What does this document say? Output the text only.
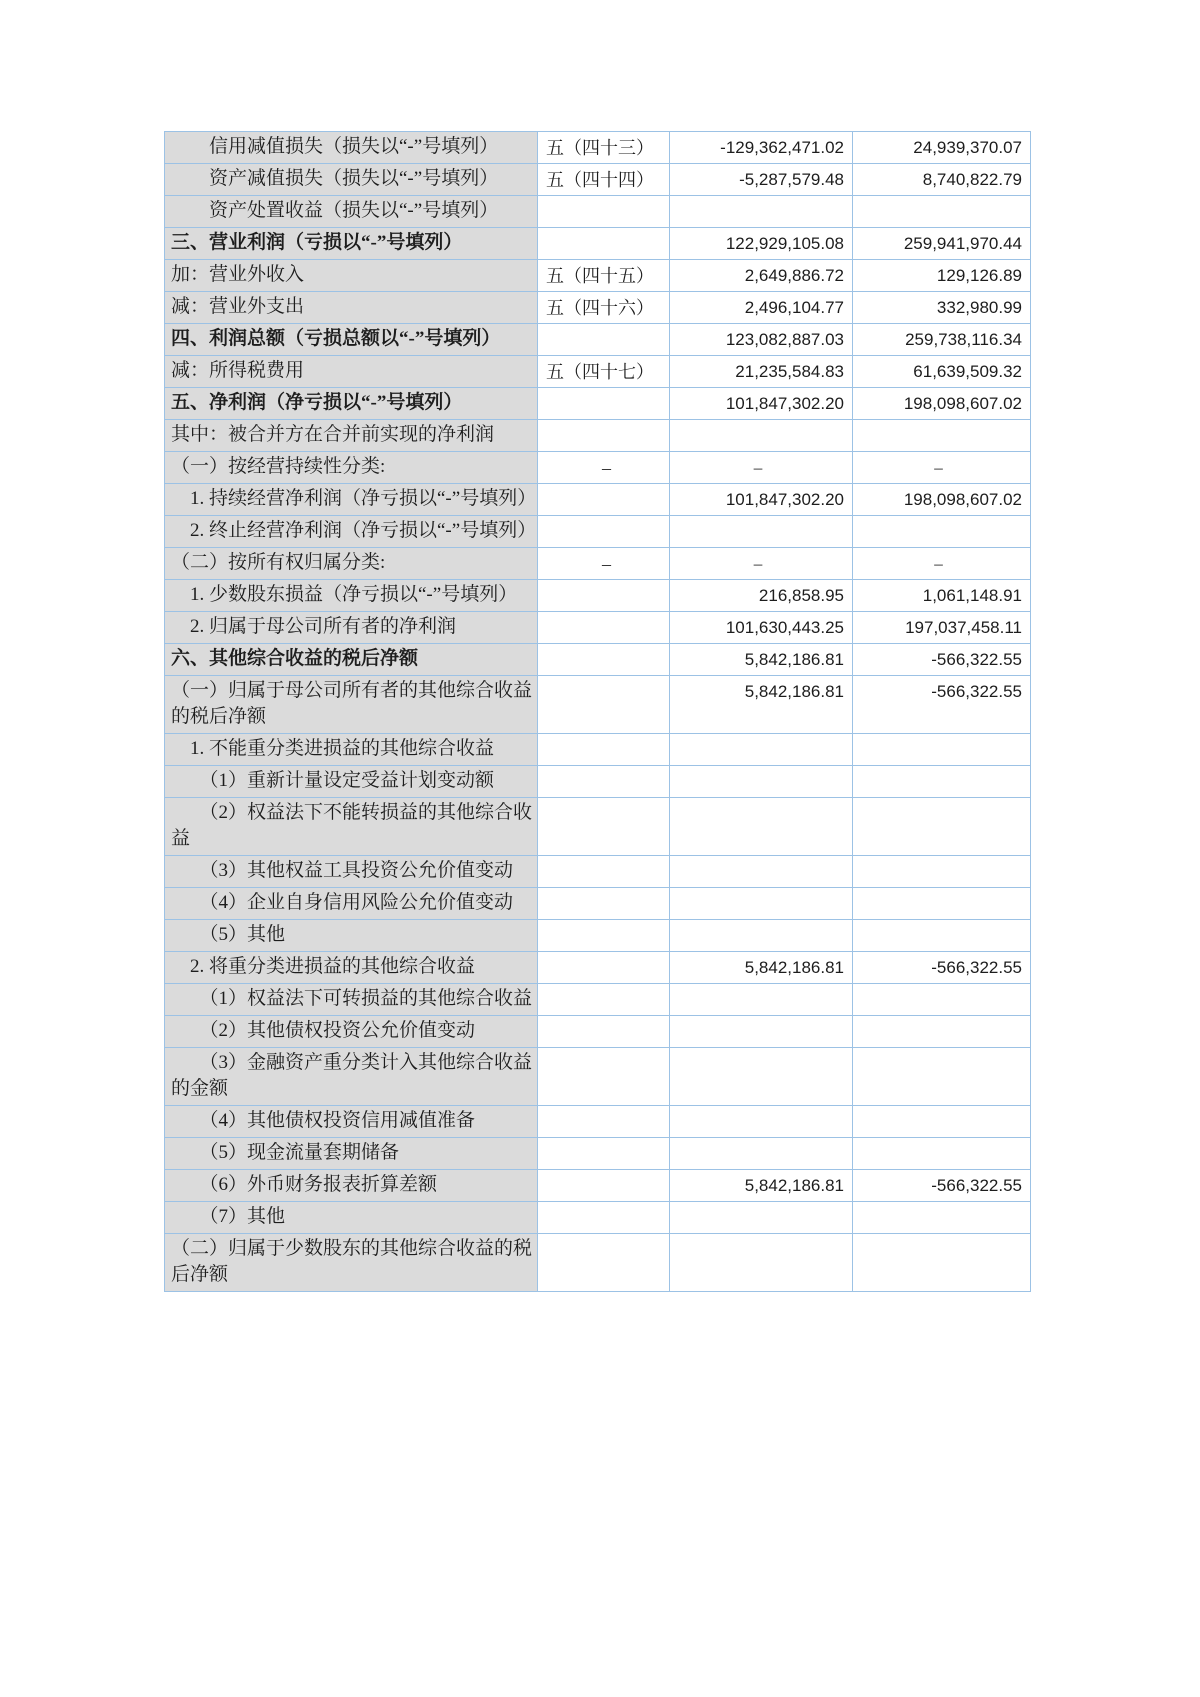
信用减值损失（损失以“-”号填列）	五（四十三）	-129,362,471.02	24,939,370.07
资产减值损失（损失以“-”号填列）	五（四十四）	-5,287,579.48	8,740,822.79
资产处置收益（损失以“-”号填列）			
三、营业利润（亏损以“-”号填列）		122,929,105.08	259,941,970.44
加：营业外收入	五（四十五）	2,649,886.72	129,126.89
减：营业外支出	五（四十六）	2,496,104.77	332,980.99
四、利润总额（亏损总额以“-”号填列）		123,082,887.03	259,738,116.34
减：所得税费用	五（四十七）	21,235,584.83	61,639,509.32
五、净利润（净亏损以“-”号填列）		101,847,302.20	198,098,607.02
其中：被合并方在合并前实现的净利润			
（一）按经营持续性分类:	–	–	–
1. 持续经营净利润（净亏损以“-”号填列）		101,847,302.20	198,098,607.02
2. 终止经营净利润（净亏损以“-”号填列）			
（二）按所有权归属分类:	–	–	–
1. 少数股东损益（净亏损以“-”号填列）		216,858.95	1,061,148.91
2. 归属于母公司所有者的净利润		101,630,443.25	197,037,458.11
六、其他综合收益的税后净额		5,842,186.81	-566,322.55
（一）归属于母公司所有者的其他综合收益的税后净额		5,842,186.81	-566,322.55
1. 不能重分类进损益的其他综合收益			
（1）重新计量设定受益计划变动额			
（2）权益法下不能转损益的其他综合收益			
（3）其他权益工具投资公允价值变动			
（4）企业自身信用风险公允价值变动			
（5）其他			
2. 将重分类进损益的其他综合收益		5,842,186.81	-566,322.55
（1）权益法下可转损益的其他综合收益			
（2）其他债权投资公允价值变动			
（3）金融资产重分类计入其他综合收益的金额			
（4）其他债权投资信用减值准备			
（5）现金流量套期储备			
（6）外币财务报表折算差额		5,842,186.81	-566,322.55
（7）其他			
（二）归属于少数股东的其他综合收益的税后净额			
